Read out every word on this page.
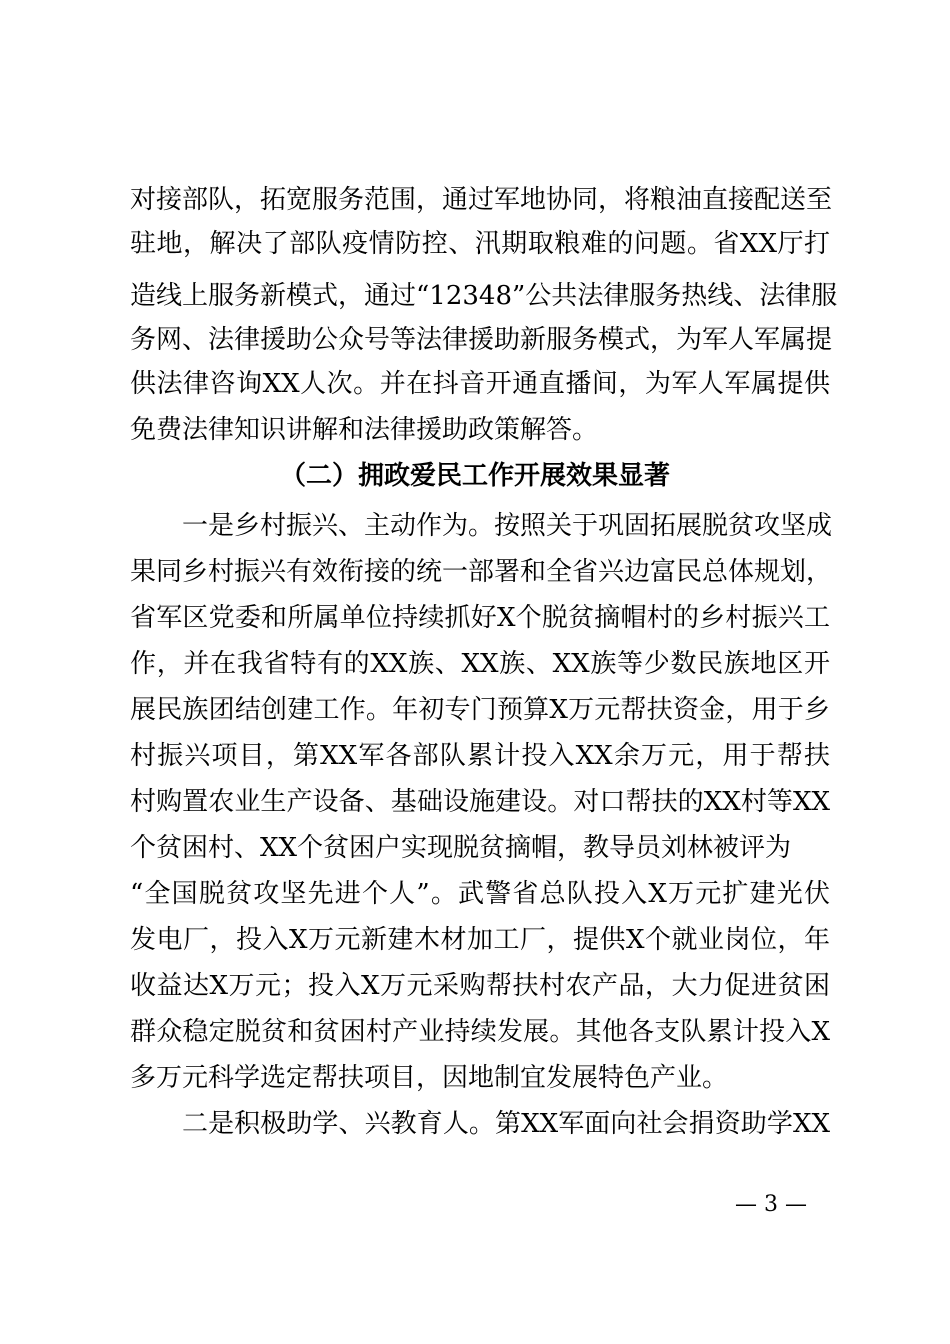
对接部队，拓宽服务范围，通过军地协同，将粮油直接配送至
驻地，解决了部队疫情防控、汛期取粮难的问题。省XX厅打
造线上服务新模式，通过“12348”公共法律服务热线、法律服
务网、法律援助公众号等法律援助新服务模式，为军人军属提
供法律咨询XX人次。并在抖音开通直播间，为军人军属提供
免费法律知识讲解和法律援助政策解答。
（二）拥政爱民工作开展效果显著
一是乡村振兴、主动作为。按照关于巩固拓展脱贫攻坚成
果同乡村振兴有效衔接的统一部署和全省兴边富民总体规划，
省军区党委和所属单位持续抓好X个脱贫摘帽村的乡村振兴工
作，并在我省特有的XX族、XX族、XX族等少数民族地区开
展民族团结创建工作。年初专门预算X万元帮扶资金，用于乡
村振兴项目，第XX军各部队累计投入XX余万元，用于帮扶
村购置农业生产设备、基础设施建设。对口帮扶的XX村等XX
个贫困村、XX个贫困户实现脱贫摘帽，教导员刘林被评为
“全国脱贫攻坚先进个人”。武警省总队投入X万元扩建光伏
发电厂，投入X万元新建木材加工厂，提供X个就业岗位，年
收益达X万元；投入X万元采购帮扶村农产品，大力促进贫困
群众稳定脱贫和贫困村产业持续发展。其他各支队累计投入X
多万元科学选定帮扶项目，因地制宜发展特色产业。
二是积极助学、兴教育人。第XX军面向社会捐资助学XX
— 3 —
